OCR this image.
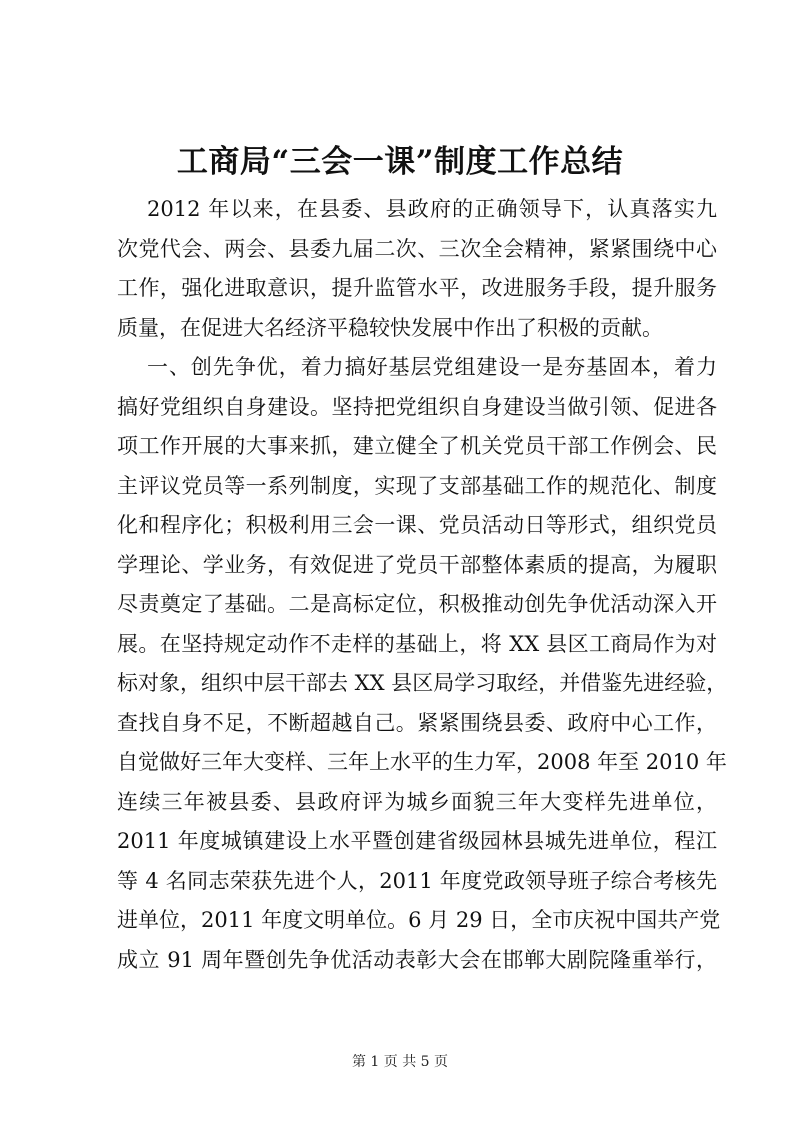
工商局“三会一课”制度工作总结
2012 年以来，在县委、县政府的正确领导下，认真落实九
次党代会、两会、县委九届二次、三次全会精神，紧紧围绕中心
工作，强化进取意识，提升监管水平，改进服务手段，提升服务
质量，在促进大名经济平稳较快发展中作出了积极的贡献。
一、创先争优，着力搞好基层党组建设一是夯基固本，着力
搞好党组织自身建设。坚持把党组织自身建设当做引领、促进各
项工作开展的大事来抓，建立健全了机关党员干部工作例会、民
主评议党员等一系列制度，实现了支部基础工作的规范化、制度
化和程序化；积极利用三会一课、党员活动日等形式，组织党员
学理论、学业务，有效促进了党员干部整体素质的提高，为履职
尽责奠定了基础。二是高标定位，积极推动创先争优活动深入开
展。在坚持规定动作不走样的基础上，将 XX 县区工商局作为对
标对象，组织中层干部去 XX 县区局学习取经，并借鉴先进经验，
查找自身不足，不断超越自己。紧紧围绕县委、政府中心工作，
自觉做好三年大变样、三年上水平的生力军，2008 年至 2010 年
连续三年被县委、县政府评为城乡面貌三年大变样先进单位，
2011 年度城镇建设上水平暨创建省级园林县城先进单位，程江
等 4 名同志荣获先进个人，2011 年度党政领导班子综合考核先
进单位，2011 年度文明单位。6 月 29 日，全市庆祝中国共产党
成立 91 周年暨创先争优活动表彰大会在邯郸大剧院隆重举行，
第 1 页 共 5 页
